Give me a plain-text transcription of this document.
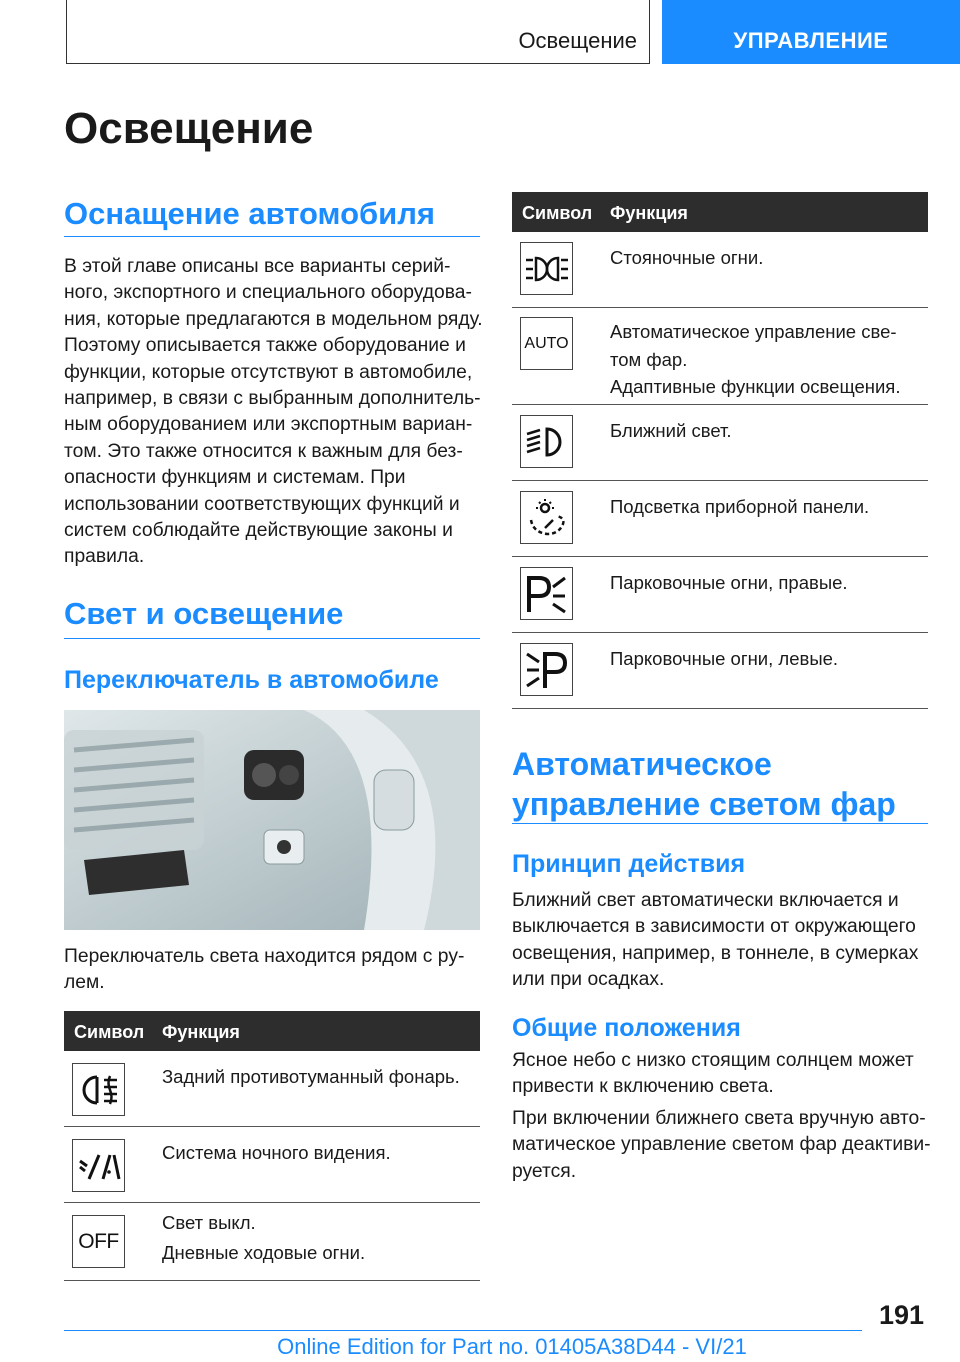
Освещение	УПРАВЛЕНИЕ
Освещение
Оснащение автомобиля

В этой главе описаны все варианты серий-
ного, экспортного и специального оборудова-
ния, которые предлагаются в модельном ряду.
Поэтому описывается также оборудование и
функции, которые отсутствуют в автомобиле,
например, в связи с выбранным дополнитель-
ным оборудованием или экспортным вариан-
том. Это также относится к важным для без-
опасности функциям и системам. При
использовании соответствующих функций и
систем соблюдайте действующие законы и
правила.

Свет и освещение
Переключатель в автомобиле

Переключатель света находится рядом с ру-
лем.

Символ Функция
Задний противотуманный фонарь.
Система ночного видения.
OFF
Свет выкл.
Дневные ходовые огни.
Символ Функция
Стояночные огни.
AUTO
Автоматическое управление све-
том фар.
Адаптивные функции освещения.
Ближний свет.
Подсветка приборной панели.
Парковочные огни, правые.
Парковочные огни, левые.
Автоматическое
управление светом фар
Принцип действия

Ближний свет автоматически включается и
выключается в зависимости от окружающего
освещения, например, в тоннеле, в сумерках
или при осадках.

Общие положения

Ясное небо с низко стоящим солнцем может
привести к включению света.

При включении ближнего света вручную авто-
матическое управление светом фар деактиви-
руется.

191
Online Edition for Part no. 01405A38D44 - VI/21
